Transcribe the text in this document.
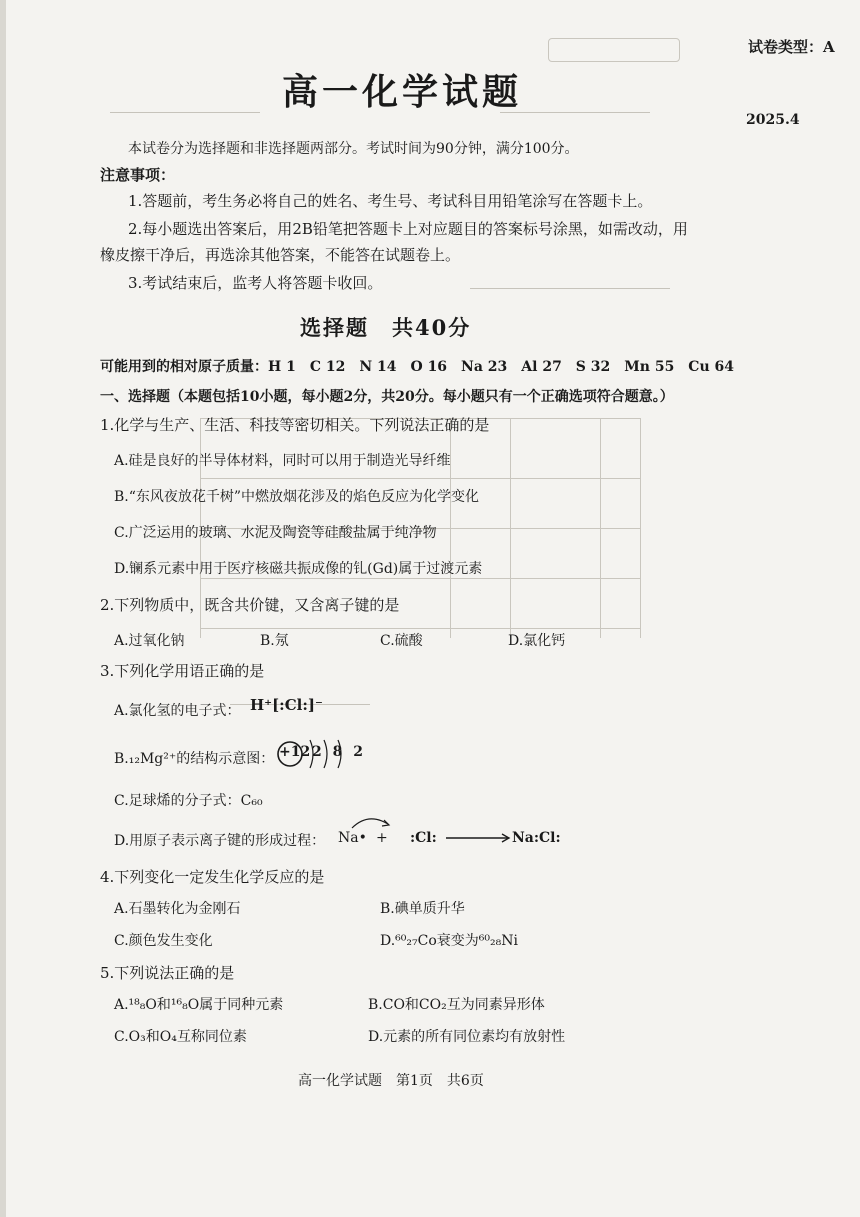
试卷类型：A
高一化学试题
2025.4
本试卷分为选择题和非选择题两部分。考试时间为90分钟，满分100分。
注意事项：
1.答题前，考生务必将自己的姓名、考生号、考试科目用铅笔涂写在答题卡上。
2.每小题选出答案后，用2B铅笔把答题卡上对应题目的答案标号涂黑，如需改动，用
橡皮擦干净后，再选涂其他答案，不能答在试题卷上。
3.考试结束后，监考人将答题卡收回。
选择题　共40分
可能用到的相对原子质量：H 1　C 12　N 14　O 16　Na 23　Al 27　S 32　Mn 55　Cu 64
一、选择题（本题包括10小题，每小题2分，共20分。每小题只有一个正确选项符合题意。）
1.化学与生产、生活、科技等密切相关。下列说法正确的是
A.硅是良好的半导体材料，同时可以用于制造光导纤维
B.“东风夜放花千树”中燃放烟花涉及的焰色反应为化学变化
C.广泛运用的玻璃、水泥及陶瓷等硅酸盐属于纯净物
D.镧系元素中用于医疗核磁共振成像的钆(Gd)属于过渡元素
2.下列物质中，既含共价键，又含离子键的是
A.过氧化钠	B.氖	C.硫酸	D.氯化钙
3.下列化学用语正确的是
A.氯化氢的电子式： H⁺[:Cl:]⁻
B.₁₂Mg²⁺的结构示意图： +12 2 8 2
C.足球烯的分子式：C₆₀
D.用原子表示离子键的形成过程： Na• + :Cl:	Na:Cl:
4.下列变化一定发生化学反应的是
A.石墨转化为金刚石	B.碘单质升华
C.颜色发生变化	D.⁶⁰₂₇Co衰变为⁶⁰₂₈Ni
5.下列说法正确的是
A.¹⁸₈O和¹⁶₈O属于同种元素	B.CO和CO₂互为同素异形体
C.O₃和O₄互称同位素	D.元素的所有同位素均有放射性
高一化学试题　第1页　共6页
